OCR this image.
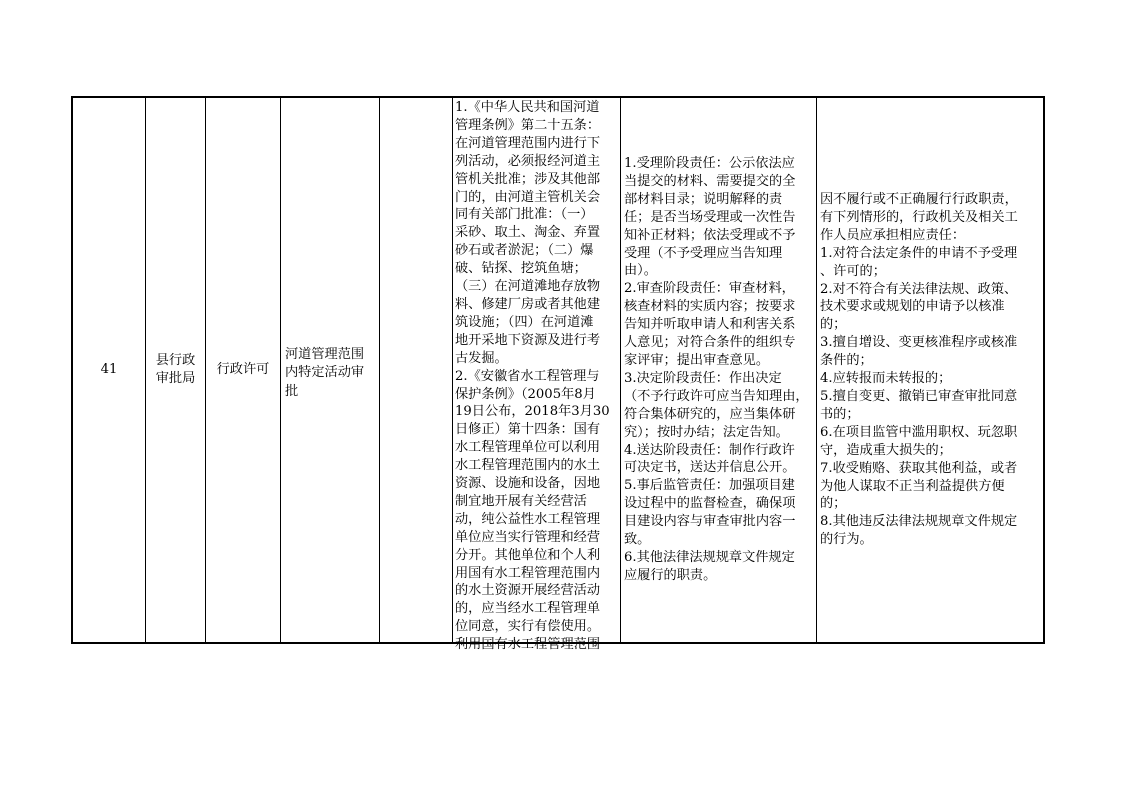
41
县行政
审批局
行政许可
河道管理范围
内特定活动审
批
1.《中华人民共和国河道
管理条例》第二十五条：
在河道管理范围内进行下
列活动，必须报经河道主
管机关批准；涉及其他部
门的，由河道主管机关会
同有关部门批准：（一）
采砂、取土、淘金、弃置
砂石或者淤泥；（二）爆
破、钻探、挖筑鱼塘；
（三）在河道滩地存放物
料、修建厂房或者其他建
筑设施；（四）在河道滩
地开采地下资源及进行考
古发掘。
2.《安徽省水工程管理与
保护条例》（2005年8月
19日公布，2018年3月30
日修正）第十四条：国有
水工程管理单位可以利用
水工程管理范围内的水土
资源、设施和设备，因地
制宜地开展有关经营活
动，纯公益性水工程管理
单位应当实行管理和经营
分开。其他单位和个人利
用国有水工程管理范围内
的水土资源开展经营活动
的，应当经水工程管理单
位同意，实行有偿使用。
利用国有水工程管理范围
1.受理阶段责任：公示依法应
当提交的材料、需要提交的全
部材料目录；说明解释的责
任；是否当场受理或一次性告
知补正材料；依法受理或不予
受理（不予受理应当告知理
由）。
2.审查阶段责任：审查材料，
核查材料的实质内容；按要求
告知并听取申请人和利害关系
人意见；对符合条件的组织专
家评审；提出审查意见。
3.决定阶段责任：作出决定
（不予行政许可应当告知理由，
符合集体研究的，应当集体研
究）；按时办结；法定告知。
4.送达阶段责任：制作行政许
可决定书，送达并信息公开。
5.事后监管责任：加强项目建
设过程中的监督检查，确保项
目建设内容与审查审批内容一
致。
6.其他法律法规规章文件规定
应履行的职责。
因不履行或不正确履行行政职责，
有下列情形的，行政机关及相关工
作人员应承担相应责任：
1.对符合法定条件的申请不予受理
、许可的；
2.对不符合有关法律法规、政策、
技术要求或规划的申请予以核准
的；
3.擅自增设、变更核准程序或核准
条件的；
4.应转报而未转报的；
5.擅自变更、撤销已审查审批同意
书的；
6.在项目监管中滥用职权、玩忽职
守，造成重大损失的；
7.收受贿赂、获取其他利益，或者
为他人谋取不正当利益提供方便
的；
8.其他违反法律法规规章文件规定
的行为。
